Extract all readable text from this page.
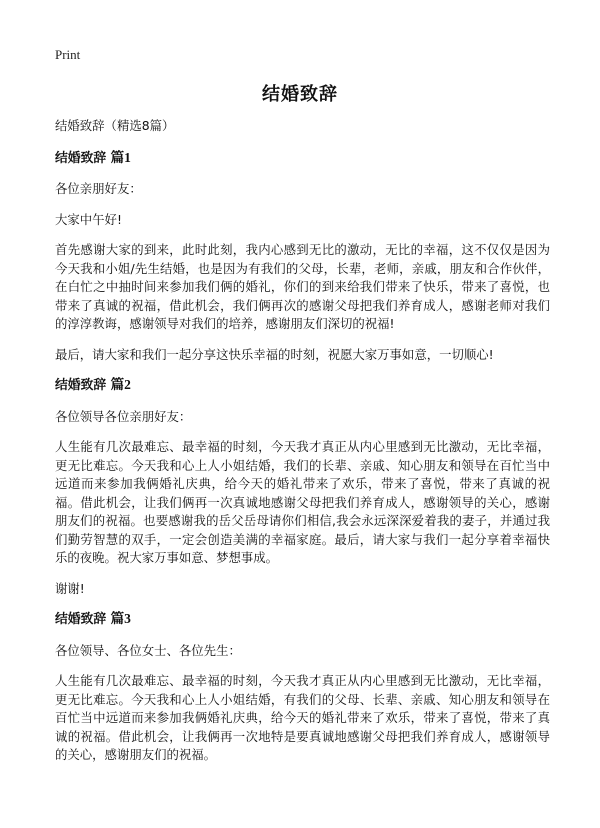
Print
结婚致辞

结婚致辞（精选8篇）

结婚致辞 篇1

各位亲朋好友：

大家中午好!

首先感谢大家的到来，此时此刻，我内心感到无比的激动，无比的幸福，这不仅仅是因为今天我和小姐/先生结婚，也是因为有我们的父母，长辈，老师，亲戚，朋友和合作伙伴，在白忙之中抽时间来参加我们俩的婚礼，你们的到来给我们带来了快乐，带来了喜悦，也带来了真诚的祝福，借此机会，我们俩再次的感谢父母把我们养育成人，感谢老师对我们的淳淳教诲，感谢领导对我们的培养，感谢朋友们深切的祝福!

最后，请大家和我们一起分享这快乐幸福的时刻，祝愿大家万事如意，一切顺心!

结婚致辞 篇2

各位领导各位亲朋好友：

人生能有几次最难忘、最幸福的时刻，今天我才真正从内心里感到无比激动，无比幸福，更无比难忘。今天我和心上人小姐结婚，我们的长辈、亲戚、知心朋友和领导在百忙当中远道而来参加我俩婚礼庆典，给今天的婚礼带来了欢乐，带来了喜悦，带来了真诚的祝福。借此机会，让我们俩再一次真诚地感谢父母把我们养育成人，感谢领导的关心，感谢朋友们的祝福。也要感谢我的岳父岳母请你们相信,我会永远深深爱着我的妻子，并通过我们勤劳智慧的双手，一定会创造美满的幸福家庭。最后，请大家与我们一起分享着幸福快乐的夜晚。祝大家万事如意、梦想事成。

谢谢!

结婚致辞 篇3

各位领导、各位女士、各位先生：

人生能有几次最难忘、最幸福的时刻，今天我才真正从内心里感到无比激动，无比幸福，更无比难忘。今天我和心上人小姐结婚，有我们的父母、长辈、亲戚、知心朋友和领导在百忙当中远道而来参加我俩婚礼庆典，给今天的婚礼带来了欢乐，带来了喜悦，带来了真诚的祝福。借此机会，让我俩再一次地特是要真诚地感谢父母把我们养育成人，感谢领导的关心，感谢朋友们的祝福。
